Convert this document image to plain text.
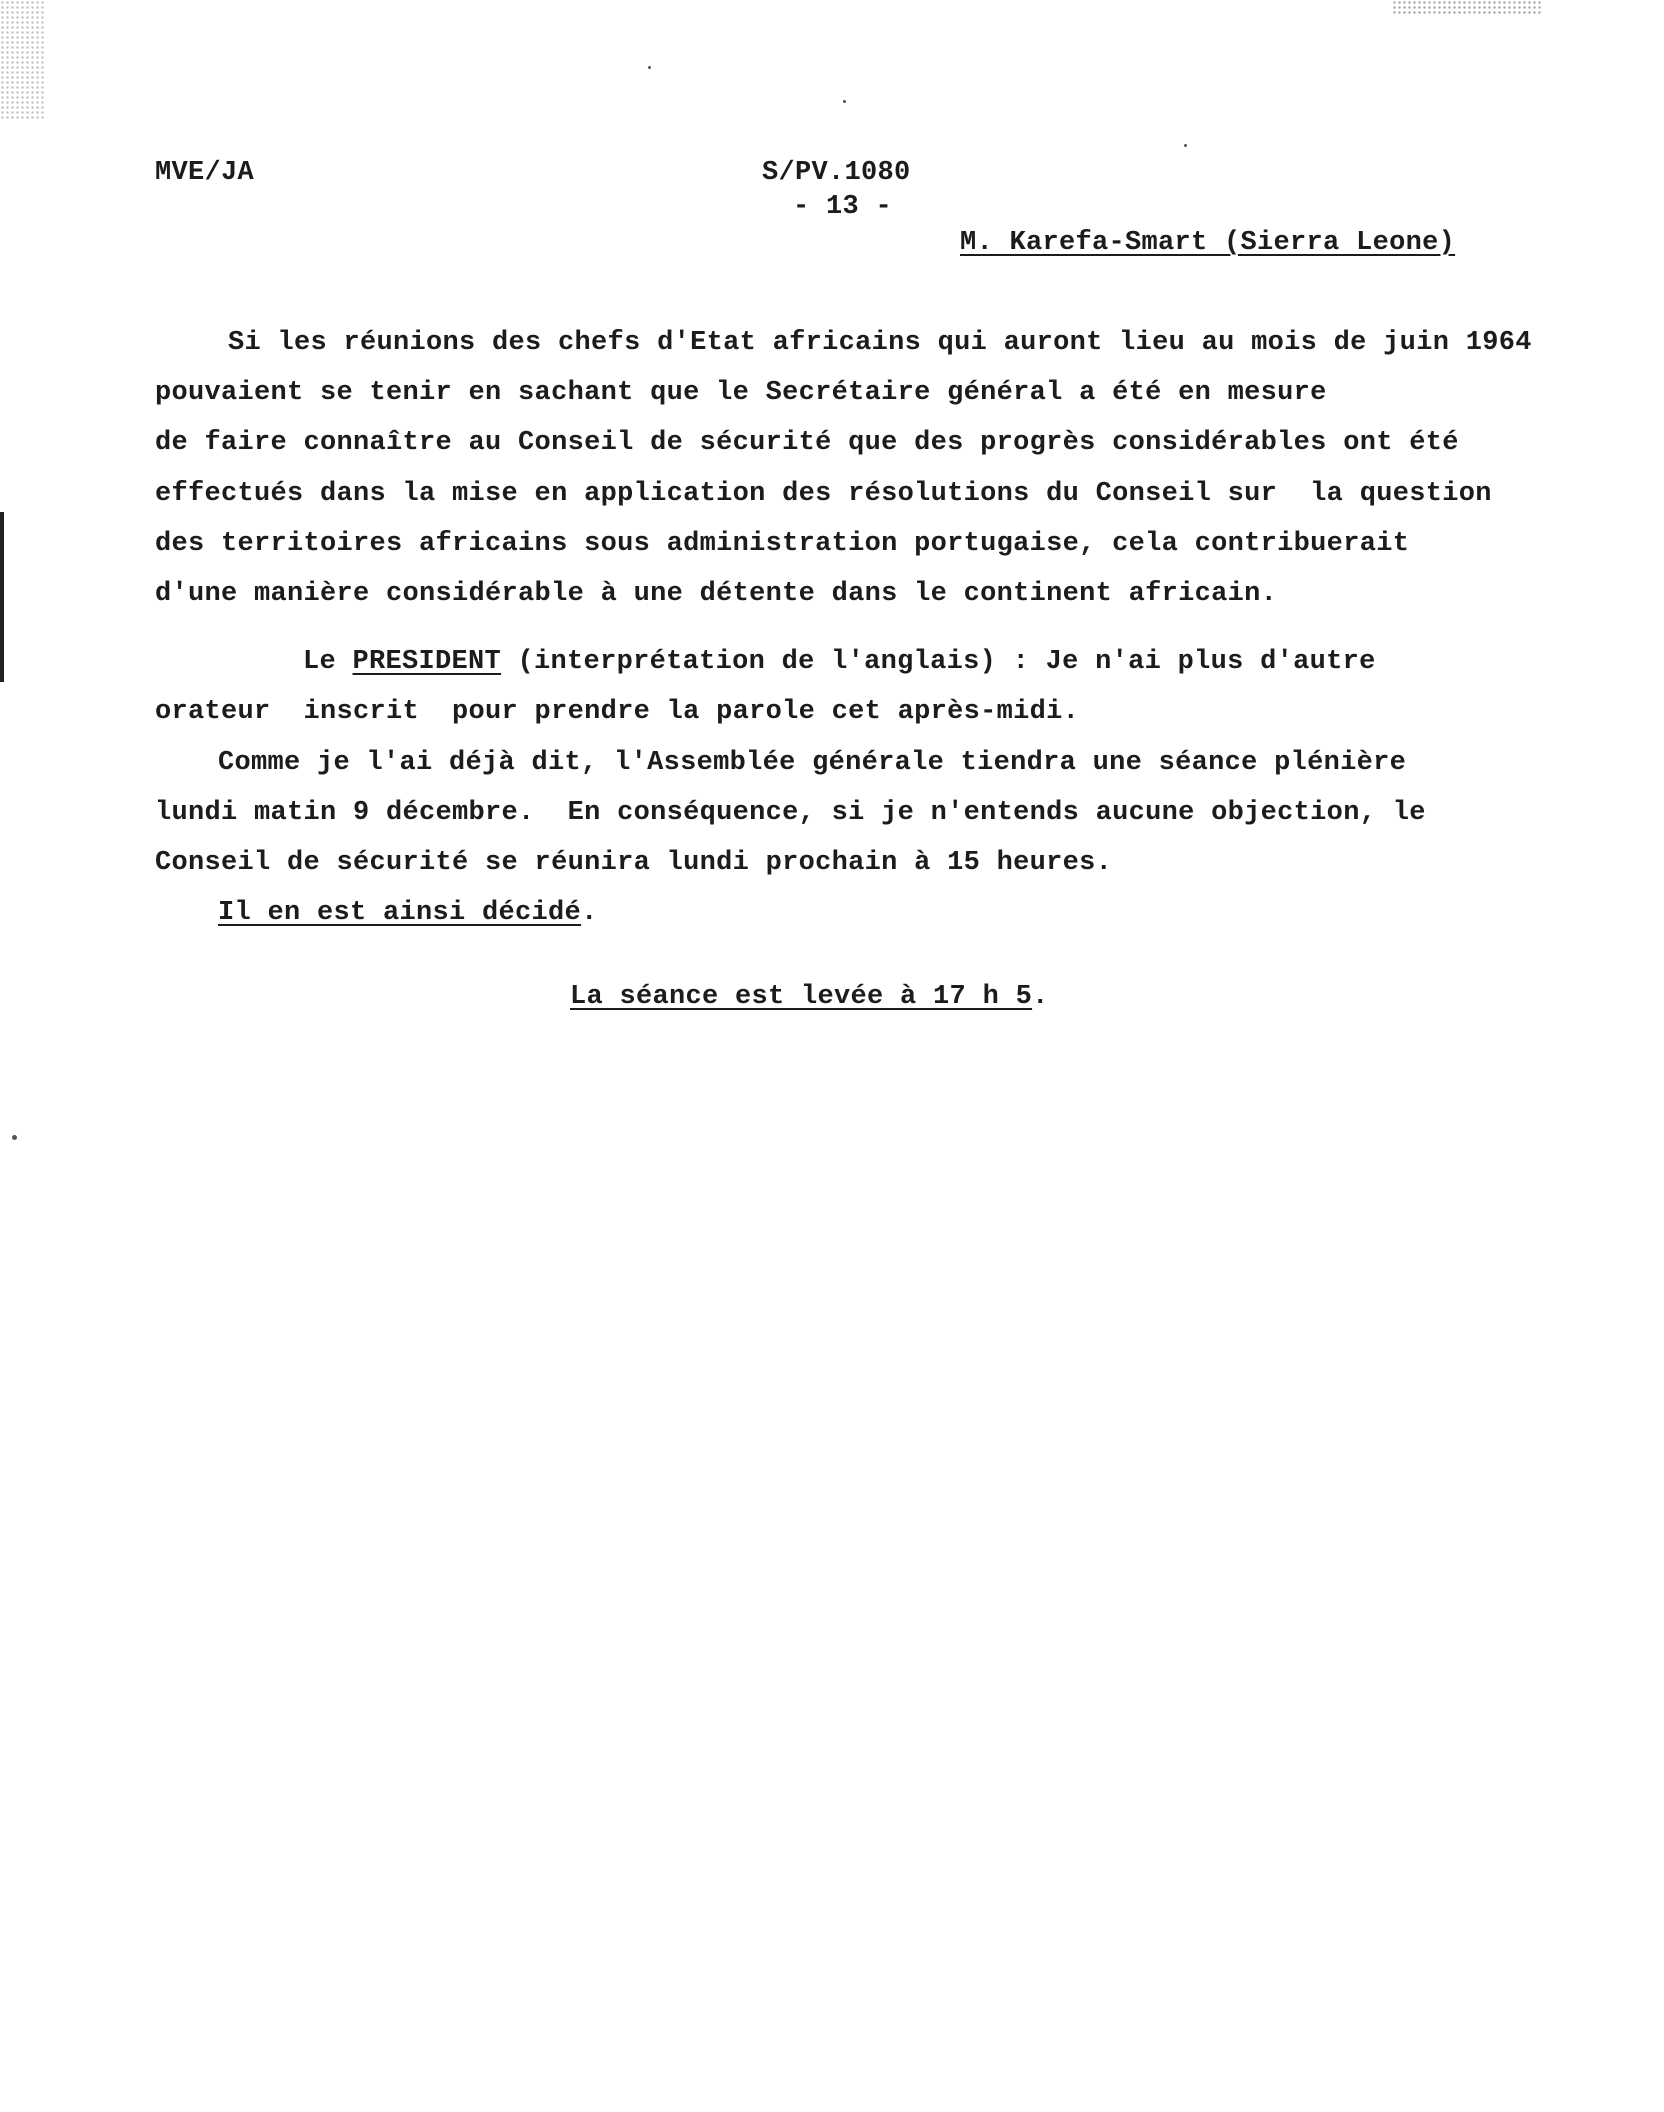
MVE/JA	S/PV.1080
- 13 -
M. Karefa-Smart (Sierra Leone)
Si les réunions des chefs d'Etat africains qui auront lieu au mois de juin 1964
pouvaient se tenir en sachant que le Secrétaire général a été en mesure
de faire connaître au Conseil de sécurité que des progrès considérables ont été
effectués dans la mise en application des résolutions du Conseil sur  la question
des territoires africains sous administration portugaise, cela contribuerait
d'une manière considérable à une détente dans le continent africain.
Le PRESIDENT (interprétation de l'anglais) : Je n'ai plus d'autre
orateur  inscrit  pour prendre la parole cet après-midi.
Comme je l'ai déjà dit, l'Assemblée générale tiendra une séance plénière
lundi matin 9 décembre.  En conséquence, si je n'entends aucune objection, le
Conseil de sécurité se réunira lundi prochain à 15 heures.
Il en est ainsi décidé.
La séance est levée à 17 h 5.
